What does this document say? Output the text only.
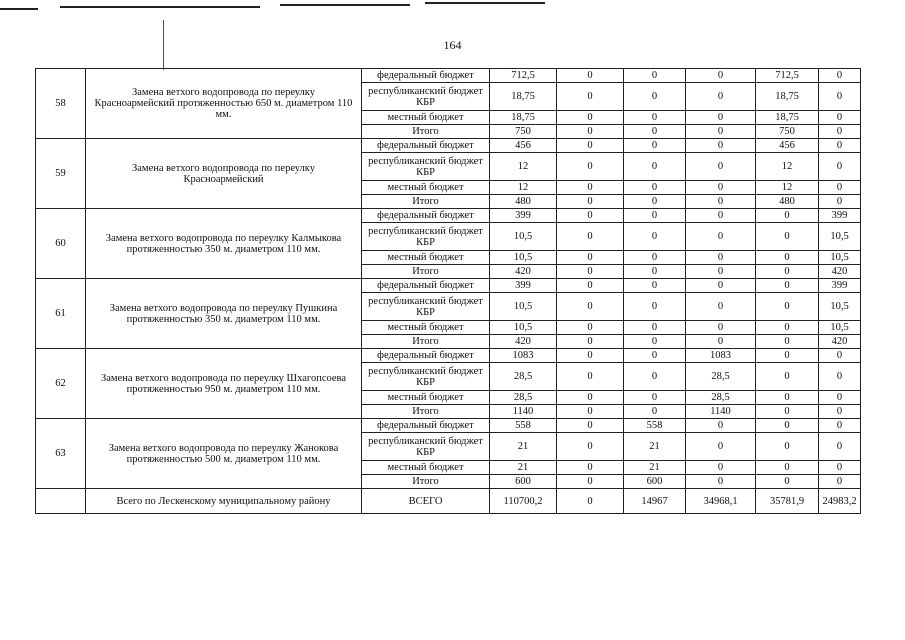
164
58	Замена ветхого водопровода по переулку Красноармейский протяженностью 650 м. диаметром 110 мм.	федеральный бюджет	712,5	0	0	0	712,5	0
		республиканский бюджет КБР	18,75	0	0	0	18,75	0
		местный бюджет	18,75	0	0	0	18,75	0
		Итого	750	0	0	0	750	0
59	Замена ветхого водопровода по переулку Красноармейский	федеральный бюджет	456	0	0	0	456	0
		республиканский бюджет КБР	12	0	0	0	12	0
		местный бюджет	12	0	0	0	12	0
		Итого	480	0	0	0	480	0
60	Замена ветхого водопровода по переулку Калмыкова протяженностью 350 м. диаметром 110 мм.	федеральный бюджет	399	0	0	0	0	399
		республиканский бюджет КБР	10,5	0	0	0	0	10,5
		местный бюджет	10,5	0	0	0	0	10,5
		Итого	420	0	0	0	0	420
61	Замена ветхого водопровода по переулку Пушкина протяженностью 350 м. диаметром 110 мм.	федеральный бюджет	399	0	0	0	0	399
		республиканский бюджет КБР	10,5	0	0	0	0	10,5
		местный бюджет	10,5	0	0	0	0	10,5
		Итого	420	0	0	0	0	420
62	Замена ветхого водопровода по переулку Шхагопсоева протяженностью 950 м. диаметром 110 мм.	федеральный бюджет	1083	0	0	1083	0	0
		республиканский бюджет КБР	28,5	0	0	28,5	0	0
		местный бюджет	28,5	0	0	28,5	0	0
		Итого	1140	0	0	1140	0	0
63	Замена ветхого водопровода по переулку Жанокова протяженностью 500 м. диаметром 110 мм.	федеральный бюджет	558	0	558	0	0	0
		республиканский бюджет КБР	21	0	21	0	0	0
		местный бюджет	21	0	21	0	0	0
		Итого	600	0	600	0	0	0
	Всего по Лескенскому муниципальному району	ВСЕГО	110700,2	0	14967	34968,1	35781,9	24983,2
